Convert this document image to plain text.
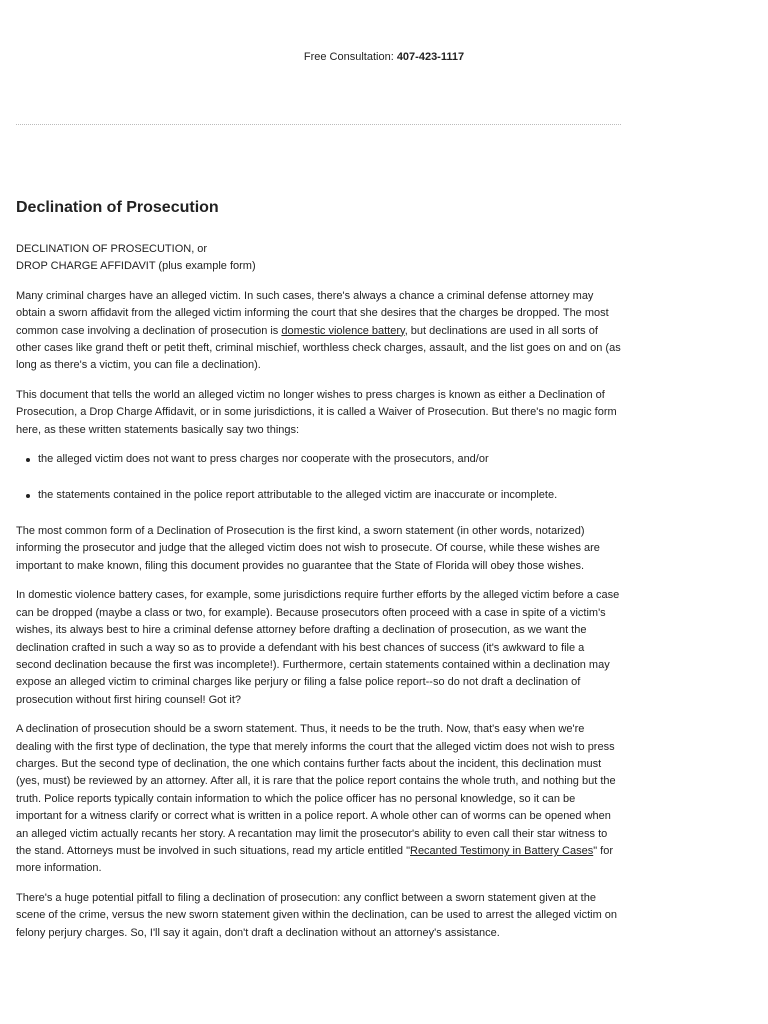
Free Consultation: 407-423-1117
Declination of Prosecution

DECLINATION OF PROSECUTION, or
DROP CHARGE AFFIDAVIT (plus example form)

Many criminal charges have an alleged victim. In such cases, there's always a chance a criminal defense attorney may obtain a sworn affidavit from the alleged victim informing the court that she desires that the charges be dropped. The most common case involving a declination of prosecution is domestic violence battery, but declinations are used in all sorts of other cases like grand theft or petit theft, criminal mischief, worthless check charges, assault, and the list goes on and on (as long as there's a victim, you can file a declination).

This document that tells the world an alleged victim no longer wishes to press charges is known as either a Declination of Prosecution, a Drop Charge Affidavit, or in some jurisdictions, it is called a Waiver of Prosecution. But there's no magic form here, as these written statements basically say two things:

the alleged victim does not want to press charges nor cooperate with the prosecutors, and/or
the statements contained in the police report attributable to the alleged victim are inaccurate or incomplete.

The most common form of a Declination of Prosecution is the first kind, a sworn statement (in other words, notarized) informing the prosecutor and judge that the alleged victim does not wish to prosecute. Of course, while these wishes are important to make known, filing this document provides no guarantee that the State of Florida will obey those wishes.

In domestic violence battery cases, for example, some jurisdictions require further efforts by the alleged victim before a case can be dropped (maybe a class or two, for example). Because prosecutors often proceed with a case in spite of a victim's wishes, its always best to hire a criminal defense attorney before drafting a declination of prosecution, as we want the declination crafted in such a way so as to provide a defendant with his best chances of success (it's awkward to file a second declination because the first was incomplete!). Furthermore, certain statements contained within a declination may expose an alleged victim to criminal charges like perjury or filing a false police report--so do not draft a declination of prosecution without first hiring counsel! Got it?

A declination of prosecution should be a sworn statement. Thus, it needs to be the truth. Now, that's easy when we're dealing with the first type of declination, the type that merely informs the court that the alleged victim does not wish to press charges. But the second type of declination, the one which contains further facts about the incident, this declination must (yes, must) be reviewed by an attorney. After all, it is rare that the police report contains the whole truth, and nothing but the truth. Police reports typically contain information to which the police officer has no personal knowledge, so it can be important for a witness clarify or correct what is written in a police report. A whole other can of worms can be opened when an alleged victim actually recants her story. A recantation may limit the prosecutor's ability to even call their star witness to the stand. Attorneys must be involved in such situations, read my article entitled "Recanted Testimony in Battery Cases" for more information.

There's a huge potential pitfall to filing a declination of prosecution: any conflict between a sworn statement given at the scene of the crime, versus the new sworn statement given within the declination, can be used to arrest the alleged victim on felony perjury charges. So, I'll say it again, don't draft a declination without an attorney's assistance.
